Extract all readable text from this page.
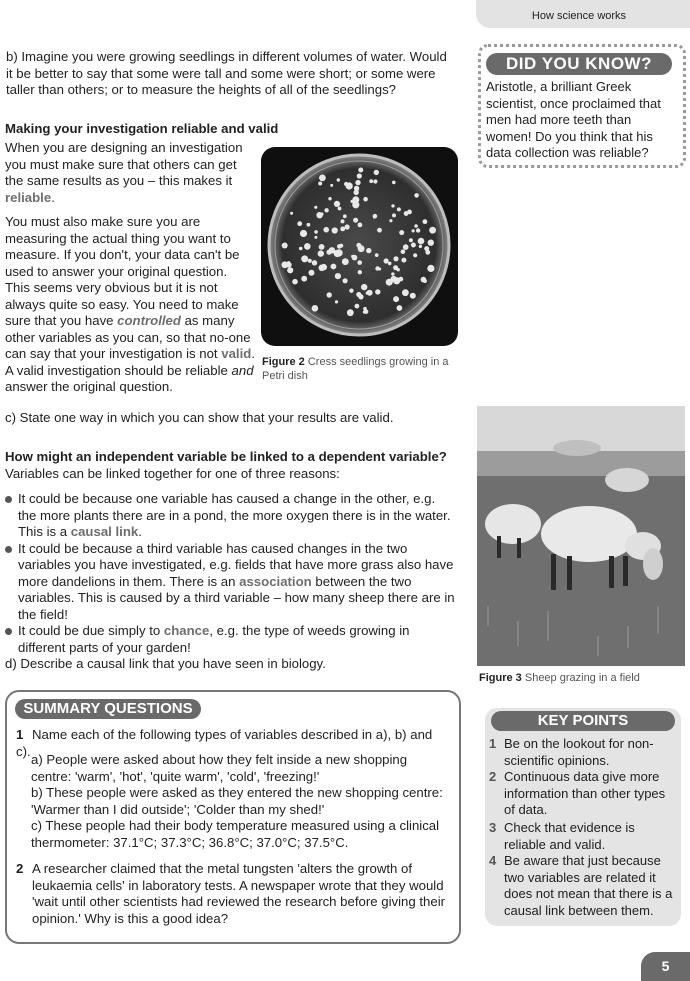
How science works

b) Imagine you were growing seedlings in different volumes of water. Would it be better to say that some were tall and some were short; or some were taller than others; or to measure the heights of all of the seedlings?

DID YOU KNOW?

Aristotle, a brilliant Greek scientist, once proclaimed that men had more teeth than women! Do you think that his data collection was reliable?

Making your investigation reliable and valid

When you are designing an investigation you must make sure that others can get the same results as you – this makes it reliable.

You must also make sure you are measuring the actual thing you want to measure. If you don't, your data can't be used to answer your original question. This seems very obvious but it is not always quite so easy. You need to make sure that you have controlled as many other variables as you can, so that no-one can say that your investigation is not valid. A valid investigation should be reliable and answer the original question.

Figure 2 Cress seedlings growing in a Petri dish

c) State one way in which you can show that your results are valid.

How might an independent variable be linked to a dependent variable?

Variables can be linked together for one of three reasons:

It could be because one variable has caused a change in the other, e.g. the more plants there are in a pond, the more oxygen there is in the water. This is a causal link.
It could be because a third variable has caused changes in the two variables you have investigated, e.g. fields that have more grass also have more dandelions in them. There is an association between the two variables. This is caused by a third variable – how many sheep there are in the field!
It could be due simply to chance, e.g. the type of weeds growing in different parts of your garden!

d) Describe a causal link that you have seen in biology.

Figure 3 Sheep grazing in a field
SUMMARY QUESTIONS
1 Name each of the following types of variables described in a), b) and c).

a) People were asked about how they felt inside a new shopping centre: 'warm', 'hot', 'quite warm', 'cold', 'freezing!'

b) These people were asked as they entered the new shopping centre: 'Warmer than I did outside'; 'Colder than my shed!'

c) These people had their body temperature measured using a clinical thermometer: 37.1°C; 37.3°C; 36.8°C; 37.0°C; 37.5°C.

2 A researcher claimed that the metal tungsten 'alters the growth of leukaemia cells' in laboratory tests. A newspaper wrote that they would 'wait until other scientists had reviewed the research before giving their opinion.' Why is this a good idea?
KEY POINTS
1 Be on the lookout for non-scientific opinions.
2 Continuous data give more information than other types of data.
3 Check that evidence is reliable and valid.
4 Be aware that just because two variables are related it does not mean that there is a causal link between them.
5
